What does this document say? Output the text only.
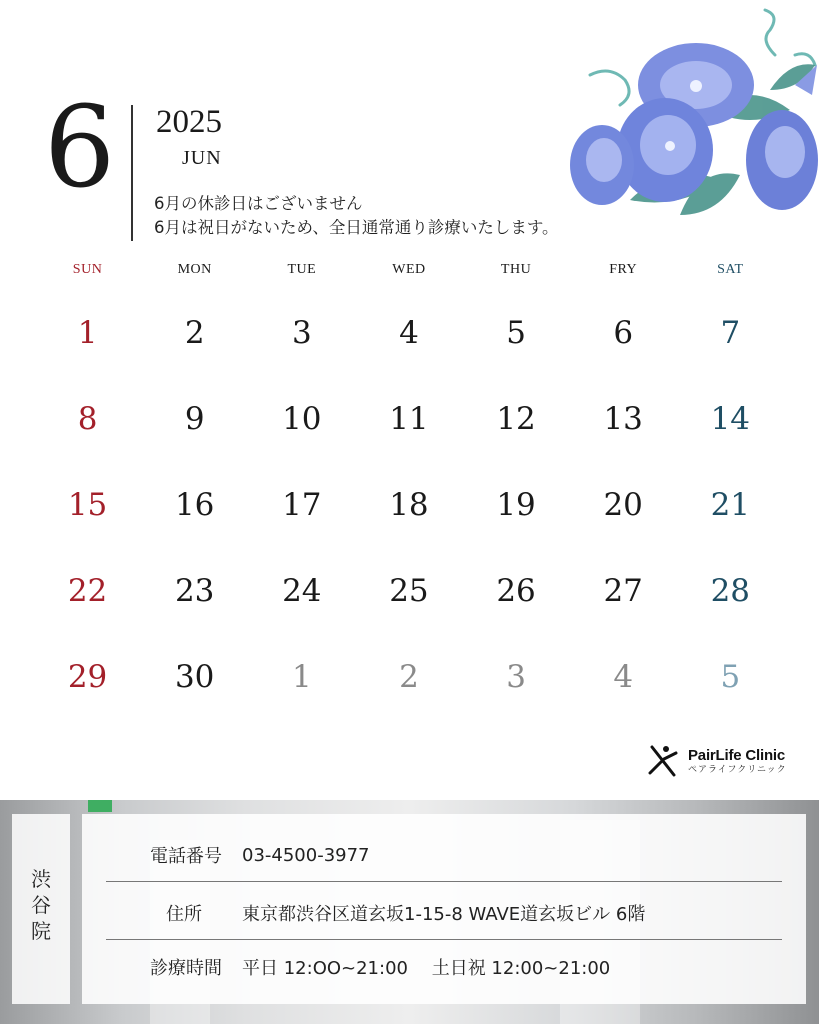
6 2025
JUN
6月の休診日はございません
6月は祝日がないため、全日通常通り診療いたします。
SUN	MON	TUE	WED	THU	FRY	SAT
1	2	3	4	5	6	7
8	9	10	11	12	13	14
15	16	17	18	19	20	21
22	23	24	25	26	27	28
29	30	1	2	3	4	5
PairLife Clinic
ペアライフクリニック
渋谷院
電話番号 03-4500-3977
住所	東京都渋谷区道玄坂1-15-8 WAVE道玄坂ビル 6階
診療時間 平日 12:OO~21:00　 土日祝 12:00~21:00
